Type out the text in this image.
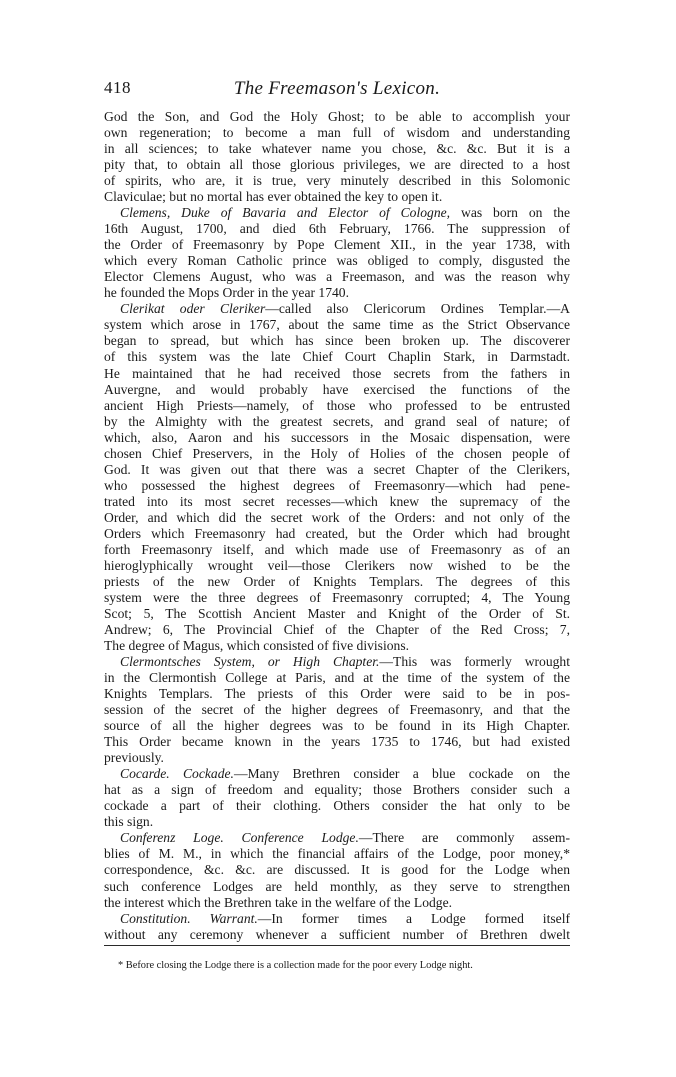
418	The Freemason's Lexicon.
God the Son, and God the Holy Ghost; to be able to accomplish your
own regeneration; to become a man full of wisdom and understanding
in all sciences; to take whatever name you chose, &c. &c. But it is a
pity that, to obtain all those glorious privileges, we are directed to a host
of spirits, who are, it is true, very minutely described in this Solomonic
Claviculae; but no mortal has ever obtained the key to open it.
Clemens, Duke of Bavaria and Elector of Cologne, was born on the
16th August, 1700, and died 6th February, 1766. The suppression of
the Order of Freemasonry by Pope Clement XII., in the year 1738, with
which every Roman Catholic prince was obliged to comply, disgusted the
Elector Clemens August, who was a Freemason, and was the reason why
he founded the Mops Order in the year 1740.
Clerikat oder Cleriker—called also Clericorum Ordines Templar.—A
system which arose in 1767, about the same time as the Strict Observance
began to spread, but which has since been broken up. The discoverer
of this system was the late Chief Court Chaplin Stark, in Darmstadt.
He maintained that he had received those secrets from the fathers in
Auvergne, and would probably have exercised the functions of the
ancient High Priests—namely, of those who professed to be entrusted
by the Almighty with the greatest secrets, and grand seal of nature; of
which, also, Aaron and his successors in the Mosaic dispensation, were
chosen Chief Preservers, in the Holy of Holies of the chosen people of
God. It was given out that there was a secret Chapter of the Clerikers,
who possessed the highest degrees of Freemasonry—which had pene-
trated into its most secret recesses—which knew the supremacy of the
Order, and which did the secret work of the Orders: and not only of the
Orders which Freemasonry had created, but the Order which had brought
forth Freemasonry itself, and which made use of Freemasonry as of an
hieroglyphically wrought veil—those Clerikers now wished to be the
priests of the new Order of Knights Templars. The degrees of this
system were the three degrees of Freemasonry corrupted; 4, The Young
Scot; 5, The Scottish Ancient Master and Knight of the Order of St.
Andrew; 6, The Provincial Chief of the Chapter of the Red Cross; 7,
The degree of Magus, which consisted of five divisions.
Clermontsches System, or High Chapter.—This was formerly wrought
in the Clermontish College at Paris, and at the time of the system of the
Knights Templars. The priests of this Order were said to be in pos-
session of the secret of the higher degrees of Freemasonry, and that the
source of all the higher degrees was to be found in its High Chapter.
This Order became known in the years 1735 to 1746, but had existed
previously.
Cocarde. Cockade.—Many Brethren consider a blue cockade on the
hat as a sign of freedom and equality; those Brothers consider such a
cockade a part of their clothing. Others consider the hat only to be
this sign.
Conferenz Loge. Conference Lodge.—There are commonly assem-
blies of M. M., in which the financial affairs of the Lodge, poor money,*
correspondence, &c. &c. are discussed. It is good for the Lodge when
such conference Lodges are held monthly, as they serve to strengthen
the interest which the Brethren take in the welfare of the Lodge.
Constitution. Warrant.—In former times a Lodge formed itself
without any ceremony whenever a sufficient number of Brethren dwelt
* Before closing the Lodge there is a collection made for the poor every Lodge night.
